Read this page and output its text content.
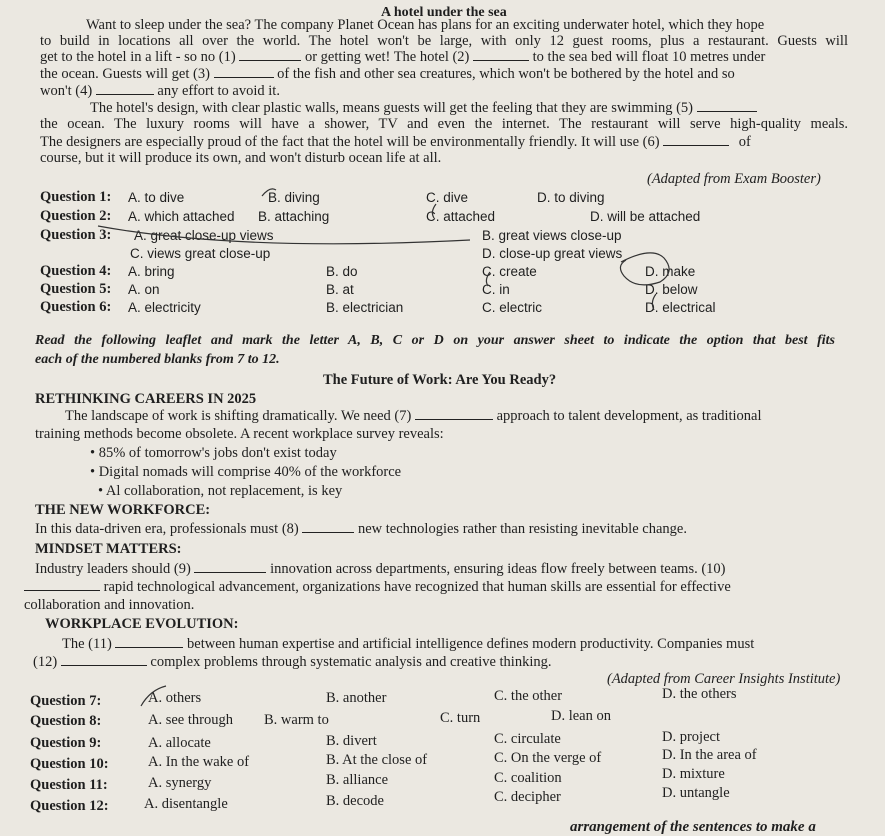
A hotel under the sea
Want to sleep under the sea? The company Planet Ocean has plans for an exciting underwater hotel, which they hope
to build in locations all over the world. The hotel won't be large, with only 12 guest rooms, plus a restaurant. Guests will
get to the hotel in a lift - so no (1)	or getting wet! The hotel (2)	to the sea bed will float 10 metres under
the ocean. Guests will get (3)	of the fish and other sea creatures, which won't be bothered by the hotel and so
won't (4)	any effort to avoid it.
The hotel's design, with clear plastic walls, means guests will get the feeling that they are swimming (5)
the ocean. The luxury rooms will have a shower, TV and even the internet. The restaurant will serve high-quality meals.
The designers are especially proud of the fact that the hotel will be environmentally friendly. It will use (6)	of
course, but it will produce its own, and won't disturb ocean life at all.
(Adapted from Exam Booster)
Question 1: A. to dive	B. diving	C. dive	D. to diving
Question 2: A. which attached B. attaching	C. attached	D. will be attached
Question 3: A. great close-up views	B. great views close-up
C. views great close-up	D. close-up great views
Question 4: A. bring	B. do	C. create	D. make
Question 5: A. on	B. at	C. in	D. below
Question 6: A. electricity	B. electrician	C. electric	D. electrical
Read the following leaflet and mark the letter A, B, C or D on your answer sheet to indicate the option that best fits
each of the numbered blanks from 7 to 12.
The Future of Work: Are You Ready?
RETHINKING CAREERS IN 2025
The landscape of work is shifting dramatically. We need (7)	approach to talent development, as traditional
training methods become obsolete. A recent workplace survey reveals:
• 85% of tomorrow's jobs don't exist today
• Digital nomads will comprise 40% of the workforce
• Al collaboration, not replacement, is key
THE NEW WORKFORCE:
In this data-driven era, professionals must (8)	new technologies rather than resisting inevitable change.
MINDSET MATTERS:
Industry leaders should (9)	innovation across departments, ensuring ideas flow freely between teams. (10)
rapid technological advancement, organizations have recognized that human skills are essential for effective
collaboration and innovation.
WORKPLACE EVOLUTION:
The (11)	between human expertise and artificial intelligence defines modern productivity. Companies must
(12)	complex problems through systematic analysis and creative thinking.
(Adapted from Career Insights Institute)
Question 7:	A. others	B. another	C. the other	D. the others
Question 8:	A. see through B. warm to	C. turn	D. lean on
Question 9:	A. allocate	B. divert	C. circulate	D. project
Question 10:	A. In the wake of	B. At the close of	C. On the verge of	D. In the area of
Question 11:	A. synergy	B. alliance	C. coalition	D. mixture
Question 12: A. disentangle	B. decode	C. decipher	D. untangle
arrangement of the sentences to make a
